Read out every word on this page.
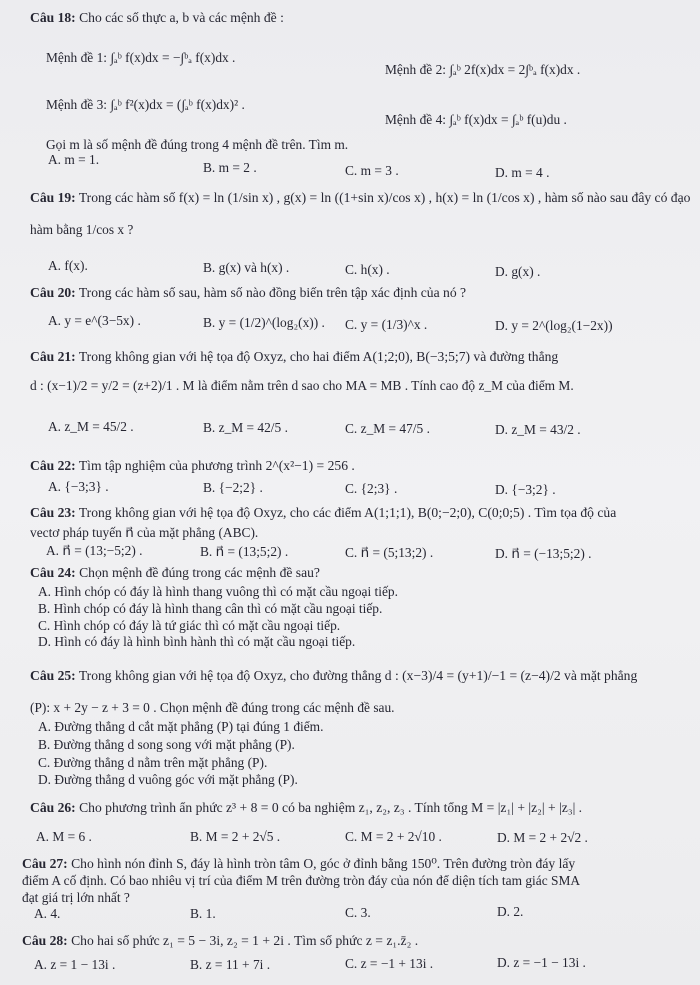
Câu 18: Cho các số thực a, b và các mệnh đề :
Mệnh đề 1: ∫ₐᵇ f(x)dx = −∫ᵇₐ f(x)dx .
Mệnh đề 2: ∫ₐᵇ 2f(x)dx = 2∫ᵇₐ f(x)dx .
Mệnh đề 3: ∫ₐᵇ f²(x)dx = (∫ₐᵇ f(x)dx)² .
Mệnh đề 4: ∫ₐᵇ f(x)dx = ∫ₐᵇ f(u)du .
Gọi m là số mệnh đề đúng trong 4 mệnh đề trên. Tìm m.
A. m = 1.
B. m = 2 .	C. m = 3 .	D. m = 4 .
Câu 19: Trong các hàm số f(x) = ln (1/sin x) , g(x) = ln ((1+sin x)/cos x) , h(x) = ln (1/cos x) , hàm số nào sau đây có đạo
hàm bằng 1/cos x ?
A. f(x).	B. g(x) và h(x) .	C. h(x) .	D. g(x) .
Câu 20: Trong các hàm số sau, hàm số nào đồng biến trên tập xác định của nó ?
A. y = e^(3−5x) .	B. y = (1/2)^(log₂(x)) . C. y = (1/3)^x .	D. y = 2^(log₂(1−2x))
Câu 21: Trong không gian với hệ tọa độ Oxyz, cho hai điểm A(1;2;0), B(−3;5;7) và đường thẳng
d : (x−1)/2 = y/2 = (z+2)/1 . M là điểm nằm trên d sao cho MA = MB . Tính cao độ z_M của điểm M.
A. z_M = 45/2 .	B. z_M = 42/5 .	C. z_M = 47/5 .	D. z_M = 43/2 .
Câu 22: Tìm tập nghiệm của phương trình 2^(x²−1) = 256 .
A. {−3;3} .	B. {−2;2} .	C. {2;3} .	D. {−3;2} .
Câu 23: Trong không gian với hệ tọa độ Oxyz, cho các điểm A(1;1;1), B(0;−2;0), C(0;0;5) . Tìm tọa độ của
vectơ pháp tuyến n⃗ của mặt phẳng (ABC).
A. n⃗ = (13;−5;2) .	B. n⃗ = (13;5;2) .	C. n⃗ = (5;13;2) .	D. n⃗ = (−13;5;2) .
Câu 24: Chọn mệnh đề đúng trong các mệnh đề sau?
A. Hình chóp có đáy là hình thang vuông thì có mặt cầu ngoại tiếp.
B. Hình chóp có đáy là hình thang cân thì có mặt cầu ngoại tiếp.
C. Hình chóp có đáy là tứ giác thì có mặt cầu ngoại tiếp.
D. Hình có đáy là hình bình hành thì có mặt cầu ngoại tiếp.
Câu 25: Trong không gian với hệ tọa độ Oxyz, cho đường thẳng d : (x−3)/4 = (y+1)/−1 = (z−4)/2 và mặt phẳng
(P): x + 2y − z + 3 = 0 . Chọn mệnh đề đúng trong các mệnh đề sau.
A. Đường thẳng d cắt mặt phẳng (P) tại đúng 1 điểm.
B. Đường thẳng d song song với mặt phẳng (P).
C. Đường thẳng d nằm trên mặt phẳng (P).
D. Đường thẳng d vuông góc với mặt phẳng (P).
Câu 26: Cho phương trình ẩn phức z³ + 8 = 0 có ba nghiệm z₁, z₂, z₃ . Tính tổng M = |z₁| + |z₂| + |z₃| .
A. M = 6 .	B. M = 2 + 2√5 .	C. M = 2 + 2√10 .	D. M = 2 + 2√2 .
Câu 27: Cho hình nón đỉnh S, đáy là hình tròn tâm O, góc ở đỉnh bằng 150⁰. Trên đường tròn đáy lấy
điểm A cố định. Có bao nhiêu vị trí của điểm M trên đường tròn đáy của nón để diện tích tam giác SMA
đạt giá trị lớn nhất ?
A. 4.	B. 1.	C. 3.	D. 2.
Câu 28: Cho hai số phức z₁ = 5 − 3i, z₂ = 1 + 2i . Tìm số phức z = z₁.z̄₂ .
A. z = 1 − 13i .	B. z = 11 + 7i .	C. z = −1 + 13i .	D. z = −1 − 13i .
